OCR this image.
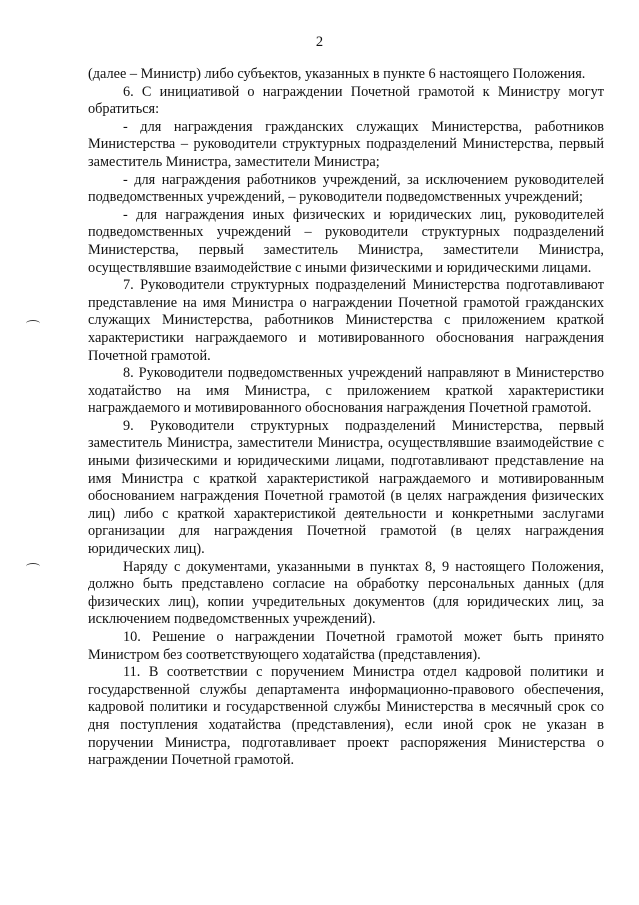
2

(далее – Министр) либо субъектов, указанных в пункте 6 настоящего Положения.

6. С инициативой о награждении Почетной грамотой к Министру могут обратиться:

- для награждения гражданских служащих Министерства, работников Министерства – руководители структурных подразделений Министерства, первый заместитель Министра, заместители Министра;

- для награждения работников учреждений, за исключением руководителей подведомственных учреждений, – руководители подведомственных учреждений;

- для награждения иных физических и юридических лиц, руководителей подведомственных учреждений – руководители структурных подразделений Министерства, первый заместитель Министра, заместители Министра, осуществлявшие взаимодействие с иными физическими и юридическими лицами.

7. Руководители структурных подразделений Министерства подготавливают представление на имя Министра о награждении Почетной грамотой гражданских служащих Министерства, работников Министерства с приложением краткой характеристики награждаемого и мотивированного обоснования награждения Почетной грамотой.

8. Руководители подведомственных учреждений направляют в Министерство ходатайство на имя Министра, с приложением краткой характеристики награждаемого и мотивированного обоснования награждения Почетной грамотой.

9. Руководители структурных подразделений Министерства, первый заместитель Министра, заместители Министра, осуществлявшие взаимодействие с иными физическими и юридическими лицами, подготавливают представление на имя Министра с краткой характеристикой награждаемого и мотивированным обоснованием награждения Почетной грамотой (в целях награждения физических лиц) либо с краткой характеристикой деятельности и конкретными заслугами организации для награждения Почетной грамотой (в целях награждения юридических лиц).

Наряду с документами, указанными в пунктах 8, 9 настоящего Положения, должно быть представлено согласие на обработку персональных данных (для физических лиц), копии учредительных документов (для юридических лиц, за исключением подведомственных учреждений).

10. Решение о награждении Почетной грамотой может быть принято Министром без соответствующего ходатайства (представления).

11. В соответствии с поручением Министра отдел кадровой политики и государственной службы департамента информационно-правового обеспечения, кадровой политики и государственной службы Министерства в месячный срок со дня поступления ходатайства (представления), если иной срок не указан в поручении Министра, подготавливает проект распоряжения Министерства о награждении Почетной грамотой.
